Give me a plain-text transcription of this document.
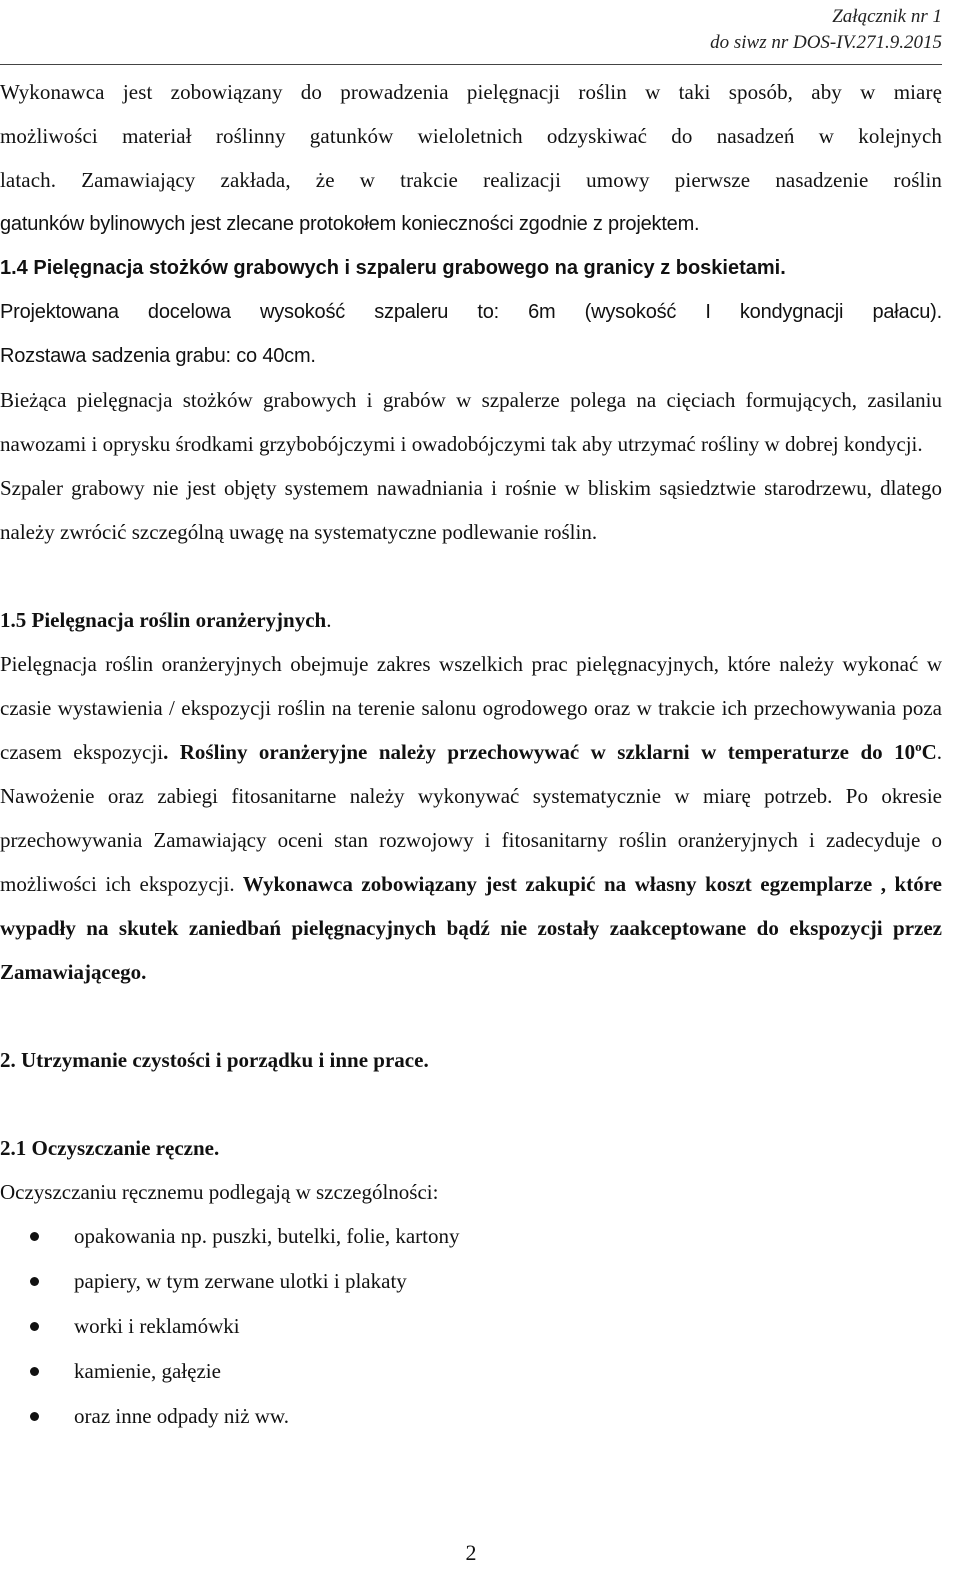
Załącznik nr 1
do siwz nr DOS-IV.271.9.2015

Wykonawca jest zobowiązany do prowadzenia pielęgnacji roślin w taki sposób, aby w miarę

możliwości materiał roślinny gatunków wieloletnich odzyskiwać do nasadzeń w kolejnych

latach. Zamawiający zakłada, że w trakcie realizacji umowy pierwsze nasadzenie roślin

gatunków bylinowych jest zlecane protokołem konieczności zgodnie z projektem.

1.4 Pielęgnacja stożków grabowych i szpaleru grabowego na granicy z boskietami.

Projektowana docelowa wysokość szpaleru to: 6m (wysokość I kondygnacji pałacu).

Rozstawa sadzenia grabu: co 40cm.

Bieżąca pielęgnacja stożków grabowych i grabów w szpalerze polega na cięciach formujących, zasilaniu nawozami i oprysku środkami grzybobójczymi i owadobójczymi tak aby utrzymać rośliny w dobrej kondycji.

Szpaler grabowy nie jest objęty systemem nawadniania i rośnie w bliskim sąsiedztwie starodrzewu, dlatego należy zwrócić szczególną uwagę na systematyczne podlewanie roślin.

1.5 Pielęgnacja roślin oranżeryjnych.

Pielęgnacja roślin oranżeryjnych obejmuje zakres wszelkich prac pielęgnacyjnych, które należy wykonać w czasie wystawienia / ekspozycji roślin na terenie salonu ogrodowego oraz w trakcie ich przechowywania poza czasem ekspozycji. Rośliny oranżeryjne należy przechowywać w szklarni w temperaturze do 10$^o$C. Nawożenie oraz zabiegi fitosanitarne należy wykonywać systematycznie w miarę potrzeb. Po okresie przechowywania Zamawiający oceni stan rozwojowy i fitosanitarny roślin oranżeryjnych i zadecyduje o możliwości ich ekspozycji. Wykonawca zobowiązany jest zakupić na własny koszt egzemplarze , które wypadły na skutek zaniedbań pielęgnacyjnych bądź nie zostały zaakceptowane do ekspozycji przez Zamawiającego.

2. Utrzymanie czystości i porządku i inne prace.

2.1 Oczyszczanie ręczne.

Oczyszczaniu ręcznemu podlegają w szczególności:

opakowania np. puszki, butelki, folie, kartony
papiery, w tym zerwane ulotki i plakaty
worki i reklamówki
kamienie, gałęzie
oraz inne odpady niż ww.
2
